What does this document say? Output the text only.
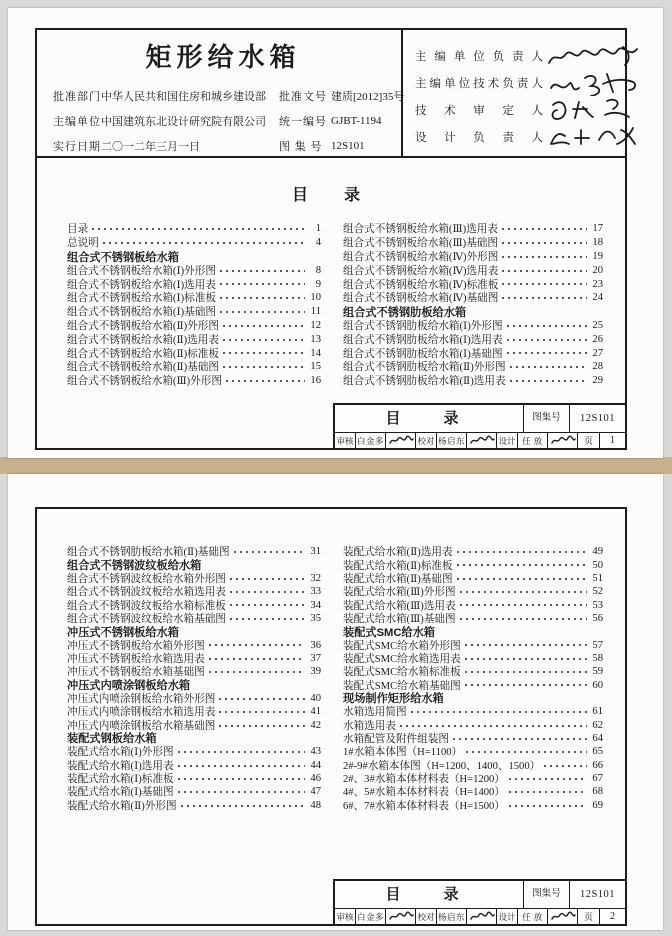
矩形给水箱
批准部门 中华人民共和国住房和城乡建设部	批准文号 建质[2012]35号
主编单位 中国建筑东北设计研究院有限公司	统一编号 GJBT-1194
实行日期 二〇一二年三月一日	图 集 号 12S101
主编单位负责人
主编单位技术负责人
技术审定人
设计负责人
目　录
目录	1
总说明	4
组合式不锈钢板给水箱
组合式不锈钢板给水箱(Ⅰ)外形图	8
组合式不锈钢板给水箱(Ⅰ)选用表	9
组合式不锈钢板给水箱(Ⅰ)标准板	10
组合式不锈钢板给水箱(Ⅰ)基础图	11
组合式不锈钢板给水箱(Ⅱ)外形图	12
组合式不锈钢板给水箱(Ⅱ)选用表	13
组合式不锈钢板给水箱(Ⅱ)标准板	14
组合式不锈钢板给水箱(Ⅱ)基础图	15
组合式不锈钢板给水箱(Ⅲ)外形图	16
组合式不锈钢板给水箱(Ⅲ)选用表	17
组合式不锈钢板给水箱(Ⅲ)基础图	18
组合式不锈钢板给水箱(Ⅳ)外形图	19
组合式不锈钢板给水箱(Ⅳ)选用表	20
组合式不锈钢板给水箱(Ⅳ)标准板	23
组合式不锈钢板给水箱(Ⅳ)基础图	24
组合式不锈钢肋板给水箱
组合式不锈钢肋板给水箱(Ⅰ)外形图	25
组合式不锈钢肋板给水箱(Ⅰ)选用表	26
组合式不锈钢肋板给水箱(Ⅰ)基础图	27
组合式不锈钢肋板给水箱(Ⅱ)外形图	28
组合式不锈钢肋板给水箱(Ⅱ)选用表	29
目　录	图集号	12S101
审核 白金多	校对 杨启东	设计 任 放	页	1
组合式不锈钢肋板给水箱(Ⅱ)基础图	31
组合式不锈钢波纹板给水箱
组合式不锈钢波纹板给水箱外形图	32
组合式不锈钢波纹板给水箱选用表	33
组合式不锈钢波纹板给水箱标准板	34
组合式不锈钢波纹板给水箱基础图	35
冲压式不锈钢板给水箱
冲压式不锈钢板给水箱外形图	36
冲压式不锈钢板给水箱选用表	37
冲压式不锈钢板给水箱基础图	39
冲压式内喷涂钢板给水箱
冲压式内喷涂钢板给水箱外形图	40
冲压式内喷涂钢板给水箱选用表	41
冲压式内喷涂钢板给水箱基础图	42
装配式钢板给水箱
装配式给水箱(Ⅰ)外形图	43
装配式给水箱(Ⅰ)选用表	44
装配式给水箱(Ⅰ)标准板	46
装配式给水箱(Ⅰ)基础图	47
装配式给水箱(Ⅱ)外形图	48
装配式给水箱(Ⅱ)选用表	49
装配式给水箱(Ⅱ)标准板	50
装配式给水箱(Ⅱ)基础图	51
装配式给水箱(Ⅲ)外形图	52
装配式给水箱(Ⅲ)选用表	53
装配式给水箱(Ⅲ)基础图	56
装配式SMC给水箱
装配式SMC给水箱外形图	57
装配式SMC给水箱选用表	58
装配式SMC给水箱标准板	59
装配式SMC给水箱基础图	60
现场制作矩形给水箱
水箱选用简图	61
水箱选用表	62
水箱配管及附件组装图	64
1#水箱本体图（H=1100）	65
2#-9#水箱本体图（H=1200、1400、1500）	66
2#、3#水箱本体材料表（H=1200）	67
4#、5#水箱本体材料表（H=1400）	68
6#、7#水箱本体材料表（H=1500）	69
目　录	图集号	12S101
审核 白金多	校对 杨启东	设计 任 放	页	2
